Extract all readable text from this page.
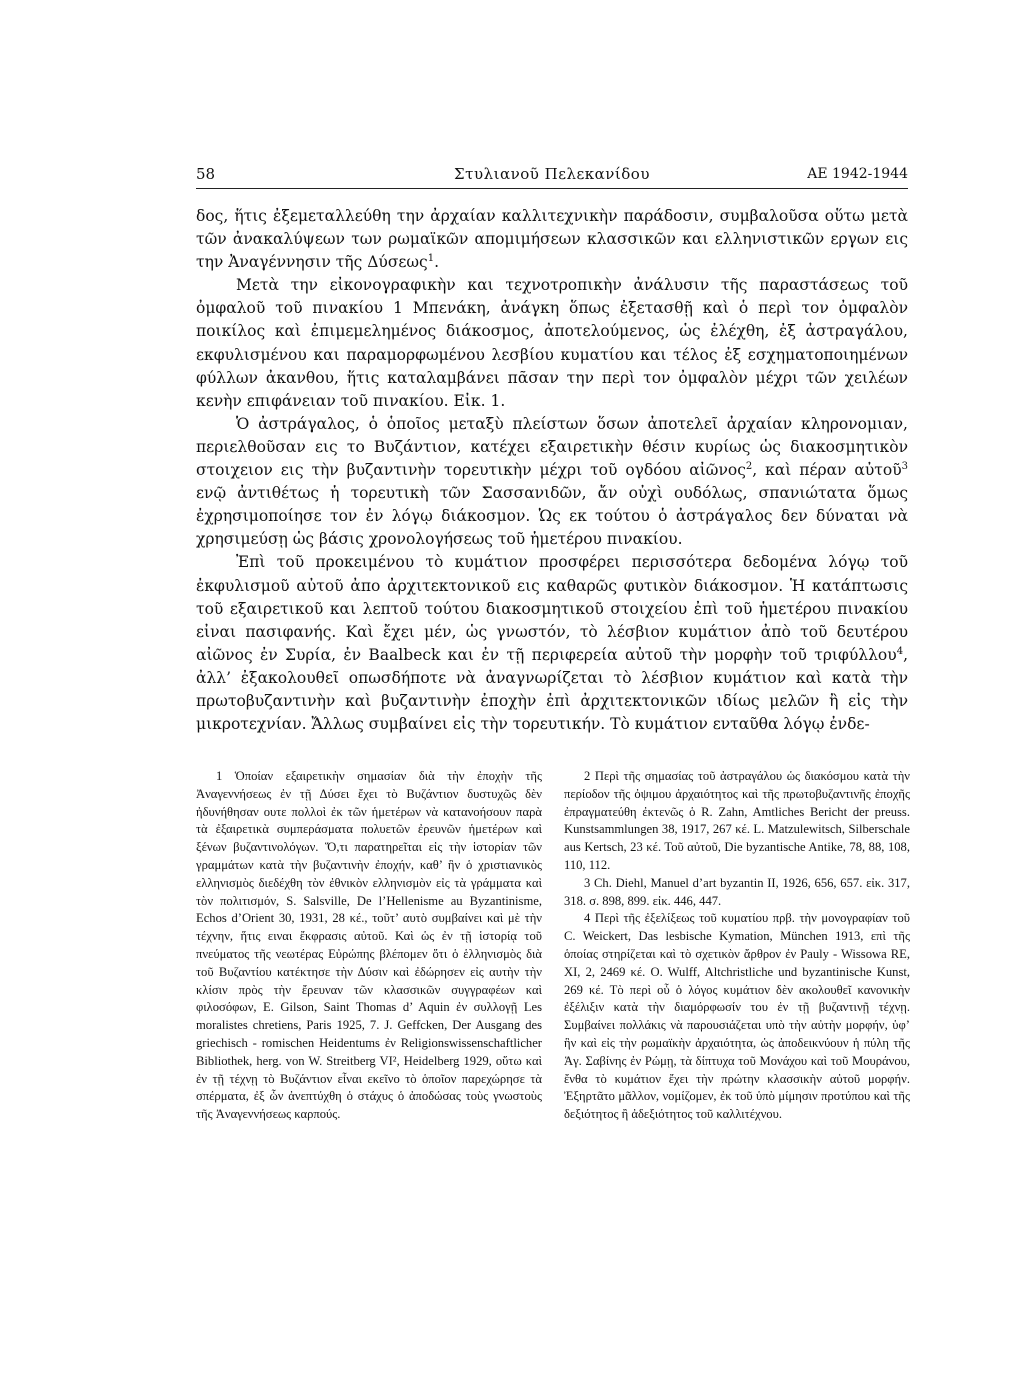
58	Στυλιανοῦ Πελεκανίδου	ΑΕ 1942-1944

δος, ἥτις ἐξεμεταλλεύθη την ἀρχαίαν καλλιτεχνικὴν παράδοσιν, συμβαλοῦσα οὕτω μετὰ τῶν ἀνακαλύψεων των ρωμαϊκῶν απομιμήσεων κλασσικῶν και ελληνιστικῶν εργων εις την Ἀναγέννησιν τῆς Δύσεως$^1$.

Μετὰ την εἰκονογραφικὴν και τεχνοτροπικὴν ἀνάλυσιν τῆς παραστάσεως τοῦ ὀμφαλοῦ τοῦ πινακίου 1 Μπενάκη, ἀνάγκη ὅπως ἐξετασθῇ καὶ ὁ περὶ τον ὀμφαλὸν ποικίλος καὶ ἐπιμεμελημένος διάκοσμος, ἀποτελούμενος, ὡς ἐλέχθη, ἐξ ἀστραγάλου, εκφυλισμένου και παραμορφωμένου λεσβίου κυματίου και τέλος ἐξ εσχηματοποιημένων φύλλων ἀκανθου, ἥτις καταλαμβάνει πᾶσαν την περὶ τον ὀμφαλὸν μέχρι τῶν χειλέων κενὴν επιφάνειαν τοῦ πινακίου. Εἰκ. 1.

Ὁ ἀστράγαλος, ὁ ὁποῖος μεταξὺ πλείστων ὅσων ἀποτελεῖ ἀρχαίαν κληρονομιαν, περιελθοῦσαν εις το Βυζάντιον, κατέχει εξαιρετικὴν θέσιν κυρίως ὡς διακοσμητικὸν στοιχειον εις τὴν βυζαντινὴν τορευτικὴν μέχρι τοῦ ογδόου αἰῶνος$^2$, καὶ πέραν αὐτοῦ$^3$ ενῷ ἀντιθέτως ἡ τορευτικὴ τῶν Σασσανιδῶν, ἄν οὐχὶ ουδόλως, σπανιώτατα ὅμως ἐχρησιμοποίησε τον ἐν λόγῳ διάκοσμον. Ὡς εκ τούτου ὁ ἀστράγαλος δεν δύναται νὰ χρησιμεύσῃ ὡς βάσις χρονολογήσεως τοῦ ἡμετέρου πινακίου.

Ἐπὶ τοῦ προκειμένου τὸ κυμάτιον προσφέρει περισσότερα δεδομένα λόγῳ τοῦ ἐκφυλισμοῦ αὐτοῦ ἀπο ἀρχιτεκτονικοῦ εις καθαρῶς φυτικὸν διάκοσμον. Ἡ κατάπτωσις τοῦ εξαιρετικοῦ και λεπτοῦ τούτου διακοσμητικοῦ στοιχείου ἐπὶ τοῦ ἡμετέρου πινακίου εἰναι πασιφανής. Καὶ ἔχει μέν, ὡς γνωστόν, τὸ λέσβιον κυμάτιον ἀπὸ τοῦ δευτέρου αἰῶνος ἐν Συρία, ἐν Baalbeck και ἐν τῇ περιφερεία αὐτοῦ τὴν μορφὴν τοῦ τριφύλλου$^4$, ἀλλ’ ἐξακολουθεῖ οπωσδήποτε νὰ ἀναγνωρίζεται τὸ λέσβιον κυμάτιον καὶ κατὰ τὴν πρωτοβυζαντινὴν καὶ βυζαντινὴν ἐποχὴν ἐπὶ ἀρχιτεκτονικῶν ιδίως μελῶν ἢ εἰς τὴν μικροτεχνίαν. Ἄλλως συμβαίνει εἰς τὴν τορευτικήν. Τὸ κυμάτιον ενταῦθα λόγῳ ἐνδε-

1 Ὁποίαν εξαιρετικὴν σημασίαν διὰ τὴν ἐποχὴν τῆς Ἀναγεννήσεως ἐν τῇ Δύσει ἔχει τὸ Βυζάντιον δυστυχῶς δὲν ἠδυνήθησαν ουτε πολλοὶ ἐκ τῶν ἡμετέρων νὰ κατανοήσουν παρὰ τὰ ἐξαιρετικὰ συμπεράσματα πολυετῶν ἐρευνῶν ἡμετέρων καὶ ξένων βυζαντινολόγων. Ὅ,τι παρατηρεῖται εἰς τὴν ἱστορίαν τῶν γραμμάτων κατὰ τὴν βυζαντινὴν ἐποχήν, καθ’ ἣν ὁ χριστιανικὸς ελληνισμὸς διεδέχθη τὸν ἐθνικὸν ελληνισμὸν εἰς τὰ γράμματα καὶ τὸν πολιτισμόν, S. Salsville, De l’Hellenisme au Byzantinisme, Echos d’Orient 30, 1931, 28 κέ., τοῦτ’ αυτὸ συμβαίνει καὶ μὲ τὴν τέχνην, ἥτις ειναι ἔκφρασις αὐτοῦ. Καὶ ὡς ἐν τῇ ἱστορίᾳ τοῦ πνεύματος τῆς νεωτέρας Εὐρώπης βλέπομεν ὅτι ὁ ἑλληνισμὸς διὰ τοῦ Βυζαντίου κατέκτησε τὴν Δύσιν καὶ ἐδώρησεν εἰς αυτὴν τὴν κλίσιν πρὸς τὴν ἔρευναν τῶν κλασσικῶν συγγραφέων καὶ φιλοσόφων, E. Gilson, Saint Thomas d’ Aquin ἐν συλλογῇ Les moralistes chretiens, Paris 1925, 7. J. Geffcken, Der Ausgang des griechisch - romischen Heidentums ἐν Religionswissenschaftlicher Bibliothek, herg. von W. Streitberg VI², Heidelberg 1929, οὕτω καὶ ἐν τῇ τέχνῃ τὸ Βυζάντιον εἶναι εκεῖνο τὸ ὁποῖον παρεχώρησε τὰ σπέρματα, ἐξ ὧν ἀνεπτύχθη ὁ στάχυς ὁ ἀποδώσας τοὺς γνωστοὺς τῆς Ἀναγεννήσεως καρπούς.

2 Περὶ τῆς σημασίας τοῦ ἀστραγάλου ὡς διακόσμου κατὰ τὴν περίοδον τῆς ὀψιμου ἀρχαιότητος καὶ τῆς πρωτοβυζαντινῆς ἐποχῆς ἐπραγματεύθη ἐκτενῶς ὁ R. Zahn, Amtliches Bericht der preuss. Kunstsammlungen 38, 1917, 267 κέ. L. Matzulewitsch, Silberschale aus Kertsch, 23 κέ. Τοῦ αὐτοῦ, Die byzantische Antike, 78, 88, 108, 110, 112.

3 Ch. Diehl, Manuel d’art byzantin II, 1926, 656, 657. εἰκ. 317, 318. σ. 898, 899. εἰκ. 446, 447.

4 Περὶ τῆς ἐξελίξεως τοῦ κυματίου πρβ. τὴν μονογραφίαν τοῦ C. Weickert, Das lesbische Kymation, München 1913, επὶ τῆς ὁποίας στηρίζεται καὶ τὸ σχετικὸν ἄρθρον ἐν Pauly - Wissowa RE, XI, 2, 2469 κέ. O. Wulff, Altchristliche und byzantinische Kunst, 269 κέ. Τὸ περὶ οὗ ὁ λόγος κυμάτιον δὲν ακολουθεῖ κανονικὴν ἐξέλιξιν κατὰ τὴν διαμόρφωσίν του ἐν τῇ βυζαντινῇ τέχνῃ. Συμβαίνει πολλάκις νὰ παρουσιάζεται υπὸ τὴν αὐτὴν μορφήν, ὑφ’ ἣν καὶ εἰς τὴν ρωμαϊκὴν ἀρχαιότητα, ὡς ἀποδεικνύουν ἡ πύλη τῆς Ἁγ. Σαβίνης ἐν Ρώμῃ, τὰ δίπτυχα τοῦ Μονάχου καὶ τοῦ Μουράνου, ἔνθα τὸ κυμάτιον ἔχει τὴν πρώτην κλασσικὴν αὐτοῦ μορφήν. Ἐξηρτᾶτο μᾶλλον, νομίζομεν, ἐκ τοῦ ὑπὸ μίμησιν προτύπου καὶ τῆς δεξιότητος ἢ ἀδεξιότητος τοῦ καλλιτέχνου.
